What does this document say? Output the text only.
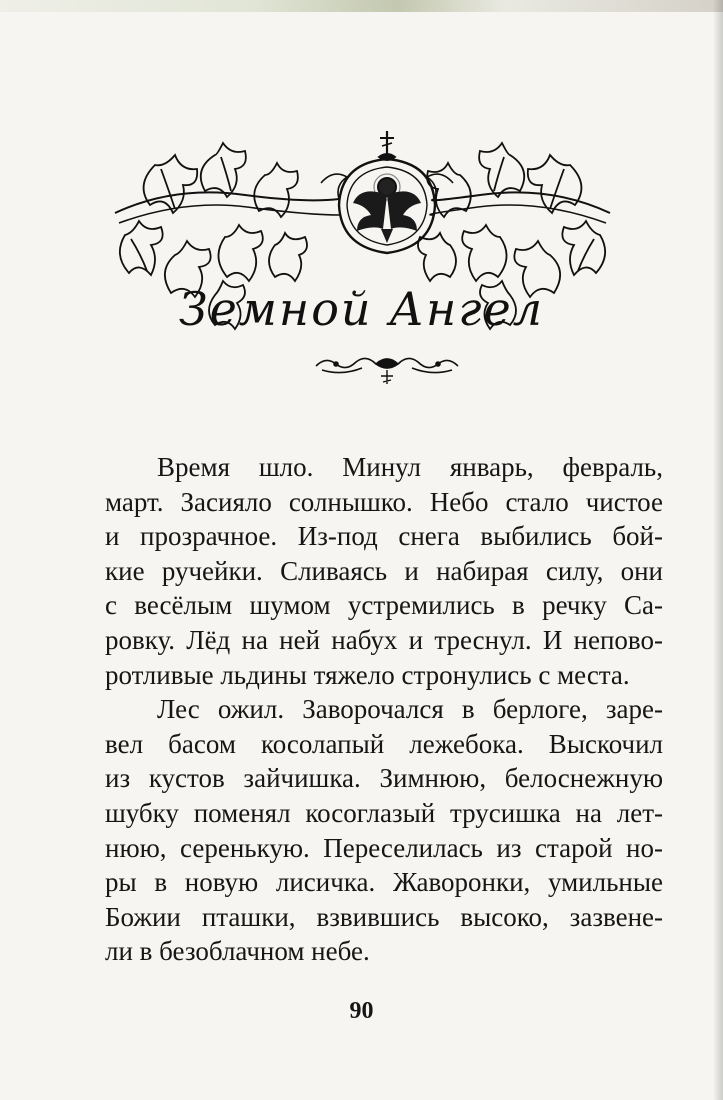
Земной Ангел
Время шло. Минул январь, февраль,
март. Засияло солнышко. Небо стало чистое
и прозрачное. Из-под снега выбились бой-
кие ручейки. Сливаясь и набирая силу, они
с весёлым шумом устремились в речку Са-
ровку. Лёд на ней набух и треснул. И непово-
ротливые льдины тяжело стронулись с места.
Лес ожил. Заворочался в берлоге, заре-
вел басом косолапый лежебока. Выскочил
из кустов зайчишка. Зимнюю, белоснежную
шубку поменял косоглазый трусишка на лет-
нюю, серенькую. Переселилась из старой но-
ры в новую лисичка. Жаворонки, умильные
Божии пташки, взвившись высоко, зазвене-
ли в безоблачном небе.
90
